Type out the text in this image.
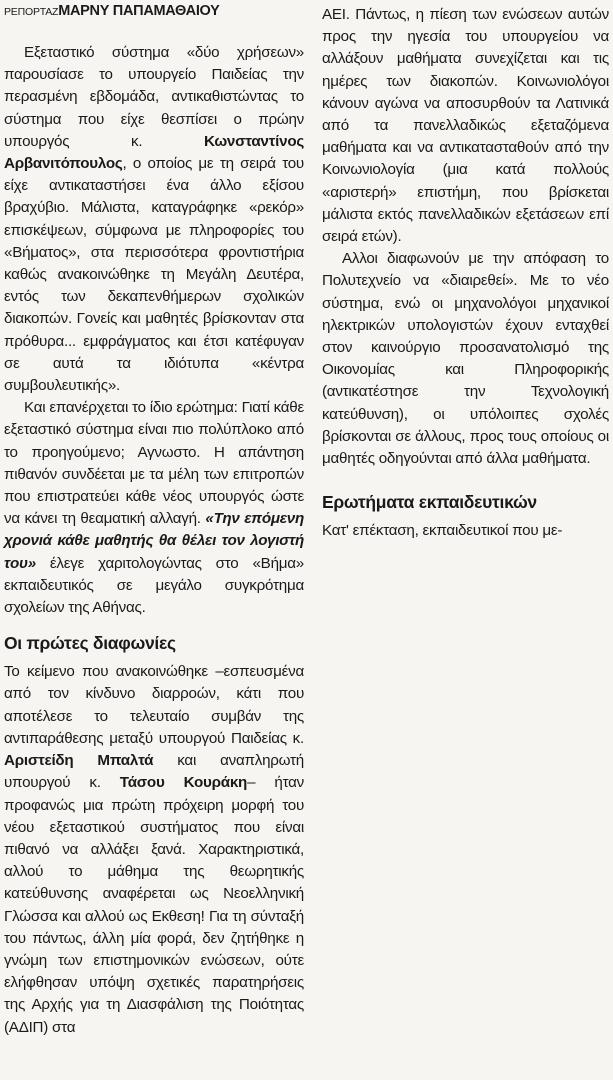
ΡΕΠΟΡΤΑΖΜΑΡΝΥ ΠΑΠΑΜΑΘΑΙΟΥ

Εξεταστικό σύστημα «δύο χρήσεων» παρουσίασε το υπουργείο Παιδείας την περασμένη εβδομάδα, αντικαθιστώντας το σύστημα που είχε θεσπίσει ο πρώην υπουργός κ. Κωνσταντίνος Αρβανιτόπουλος, ο οποίος με τη σειρά του είχε αντικαταστήσει ένα άλλο εξίσου βραχύβιο. Μάλιστα, καταγράφηκε «ρεκόρ» επισκέψεων, σύμφωνα με πληροφορίες του «Βήματος», στα περισσότερα φροντιστήρια καθώς ανακοινώθηκε τη Μεγάλη Δευτέρα, εντός των δεκαπενθήμερων σχολικών διακοπών. Γονείς και μαθητές βρίσκονταν στα πρόθυρα... εμφράγματος και έτσι κατέφυγαν σε αυτά τα ιδιότυπα «κέντρα συμβουλευτικής».

Και επανέρχεται το ίδιο ερώτημα: Γιατί κάθε εξεταστικό σύστημα είναι πιο πολύπλοκο από το προηγούμενο; Αγνωστο. Η απάντηση πιθανόν συνδέεται με τα μέλη των επιτροπών που επιστρατεύει κάθε νέος υπουργός ώστε να κάνει τη θεαματική αλλαγή. «Την επόμενη χρονιά κάθε μαθητής θα θέλει τον λογιστή του» έλεγε χαριτολογώντας στο «Βήμα» εκπαιδευτικός σε μεγάλο συγκρότημα σχολείων της Αθήνας.

Οι πρώτες διαφωνίες

Το κείμενο που ανακοινώθηκε –εσπευσμένα από τον κίνδυνο διαρροών, κάτι που αποτέλεσε το τελευταίο συμβάν της αντιπαράθεσης μεταξύ υπουργού Παιδείας κ. Αριστείδη Μπαλτά και αναπληρωτή υπουργού κ. Τάσου Κουράκη– ήταν προφανώς μια πρώτη πρόχειρη μορφή του νέου εξεταστικού συστήματος που είναι πιθανό να αλλάξει ξανά. Χαρακτηριστικά, αλλού το μάθημα της θεωρητικής κατεύθυνσης αναφέρεται ως Νεοελληνική Γλώσσα και αλλού ως Εκθεση! Για τη σύνταξή του πάντως, άλλη μία φορά, δεν ζητήθηκε η γνώμη των επιστημονικών ενώσεων, ούτε ελήφθησαν υπόψη σχετικές παρατηρήσεις της Αρχής για τη Διασφάλιση της Ποιότητας (ΑΔΙΠ) στα

ΑΕΙ. Πάντως, η πίεση των ενώσεων αυτών προς την ηγεσία του υπουργείου να αλλάξουν μαθήματα συνεχίζεται και τις ημέρες των διακοπών. Κοινωνιολόγοι κάνουν αγώνα να αποσυρθούν τα Λατινικά από τα πανελλαδικώς εξεταζόμενα μαθήματα και να αντικατασταθούν από την Κοινωνιολογία (μια κατά πολλούς «αριστερή» επιστήμη, που βρίσκεται μάλιστα εκτός πανελλαδικών εξετάσεων επί σειρά ετών).

Αλλοι διαφωνούν με την απόφαση το Πολυτεχνείο να «διαιρεθεί». Με το νέο σύστημα, ενώ οι μηχανολόγοι μηχανικοί ηλεκτρικών υπολογιστών έχουν ενταχθεί στον καινούργιο προσανατολισμό της Οικονομίας και Πληροφορικής (αντικατέστησε την Τεχνολογική κατεύθυνση), οι υπόλοιπες σχολές βρίσκονται σε άλλους, προς τους οποίους οι μαθητές οδηγούνται από άλλα μαθήματα.

Ερωτήματα εκπαιδευτικών

Κατ' επέκταση, εκπαιδευτικοί που με-
